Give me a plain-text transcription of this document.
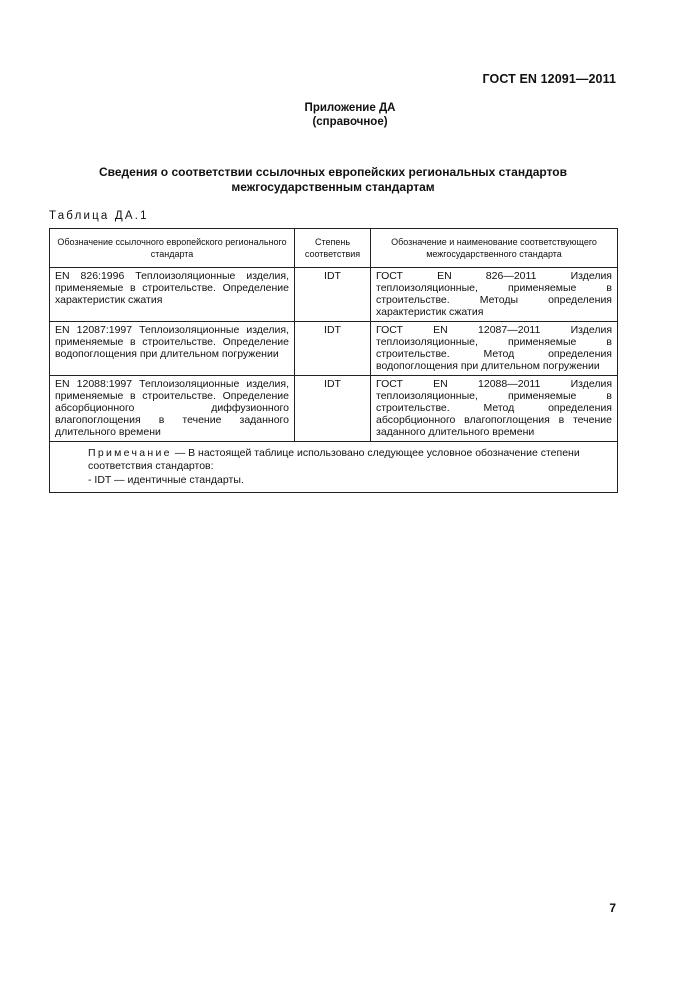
ГОСТ EN 12091—2011
Приложение ДА
(справочное)
Сведения о соответствии ссылочных европейских региональных стандартов
межгосударственным стандартам
Таблица ДА.1
Обозначение ссылочного европейского регионального стандарта	Степень соответствия	Обозначение и наименование соответствующего межгосударственного стандарта
EN 826:1996 Теплоизоляционные изделия, применяемые в строительстве. Определение характеристик сжатия	IDT	ГОСТ EN 826—2011 Изделия теплоизоляционные, применяемые в строительстве. Методы определения характеристик сжатия
EN 12087:1997 Теплоизоляционные изделия, применяемые в строительстве. Определение водопоглощения при длительном погружении	IDT	ГОСТ EN 12087—2011 Изделия теплоизоляционные, применяемые в строительстве. Метод определения водопоглощения при длительном погружении
EN 12088:1997 Теплоизоляционные изделия, применяемые в строительстве. Определение абсорбционного диффузионного влагопоглощения в течение заданного длительного времени	IDT	ГОСТ EN 12088—2011 Изделия теплоизоляционные, применяемые в строительстве. Метод определения абсорбционного влагопоглощения в течение заданного длительного времени

Примечание — В настоящей таблице использовано следующее условное обозначение степени соответствия стандартов:
- IDT — идентичные стандарты.		
7
